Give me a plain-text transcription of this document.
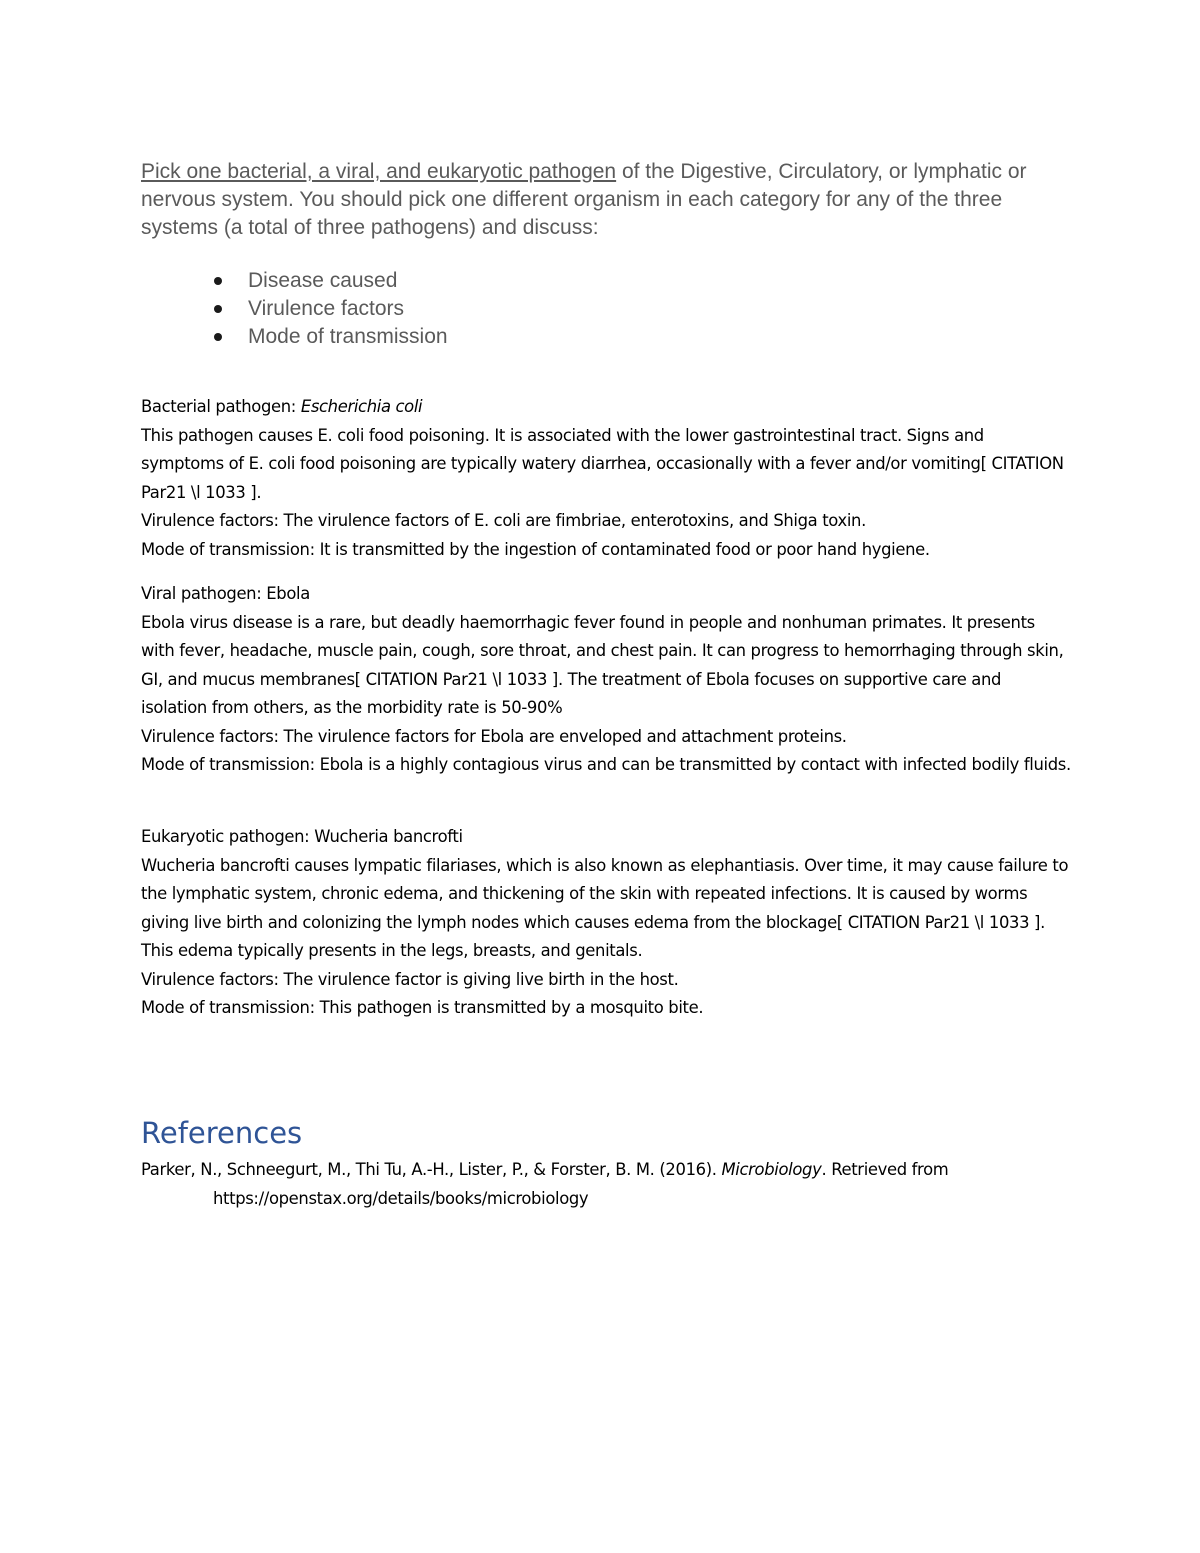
Pick one bacterial, a viral, and eukaryotic pathogen of the Digestive, Circulatory, or lymphatic or nervous system. You should pick one different organism in each category for any of the three systems (a total of three pathogens) and discuss:

Disease caused
Virulence factors
Mode of transmission

Bacterial pathogen: Escherichia coli

This pathogen causes E. coli food poisoning. It is associated with the lower gastrointestinal tract. Signs and symptoms of E. coli food poisoning are typically watery diarrhea, occasionally with a fever and/or vomiting[ CITATION Par21 \l 1033 ].

Virulence factors: The virulence factors of E. coli are fimbriae, enterotoxins, and Shiga toxin.

Mode of transmission: It is transmitted by the ingestion of contaminated food or poor hand hygiene.

Viral pathogen: Ebola

Ebola virus disease is a rare, but deadly haemorrhagic fever found in people and nonhuman primates. It presents with fever, headache, muscle pain, cough, sore throat, and chest pain. It can progress to hemorrhaging through skin, GI, and mucus membranes[ CITATION Par21 \l 1033 ]. The treatment of Ebola focuses on supportive care and isolation from others, as the morbidity rate is 50-90%

Virulence factors: The virulence factors for Ebola are enveloped and attachment proteins.

Mode of transmission: Ebola is a highly contagious virus and can be transmitted by contact with infected bodily fluids.

Eukaryotic pathogen: Wucheria bancrofti

Wucheria bancrofti causes lympatic filariases, which is also known as elephantiasis. Over time, it may cause failure to the lymphatic system, chronic edema, and thickening of the skin with repeated infections. It is caused by worms giving live birth and colonizing the lymph nodes which causes edema from the blockage[ CITATION Par21 \l 1033 ]. This edema typically presents in the legs, breasts, and genitals.

Virulence factors: The virulence factor is giving live birth in the host.

Mode of transmission: This pathogen is transmitted by a mosquito bite.

References

Parker, N., Schneegurt, M., Thi Tu, A.-H., Lister, P., & Forster, B. M. (2016). Microbiology. Retrieved from https://openstax.org/details/books/microbiology
